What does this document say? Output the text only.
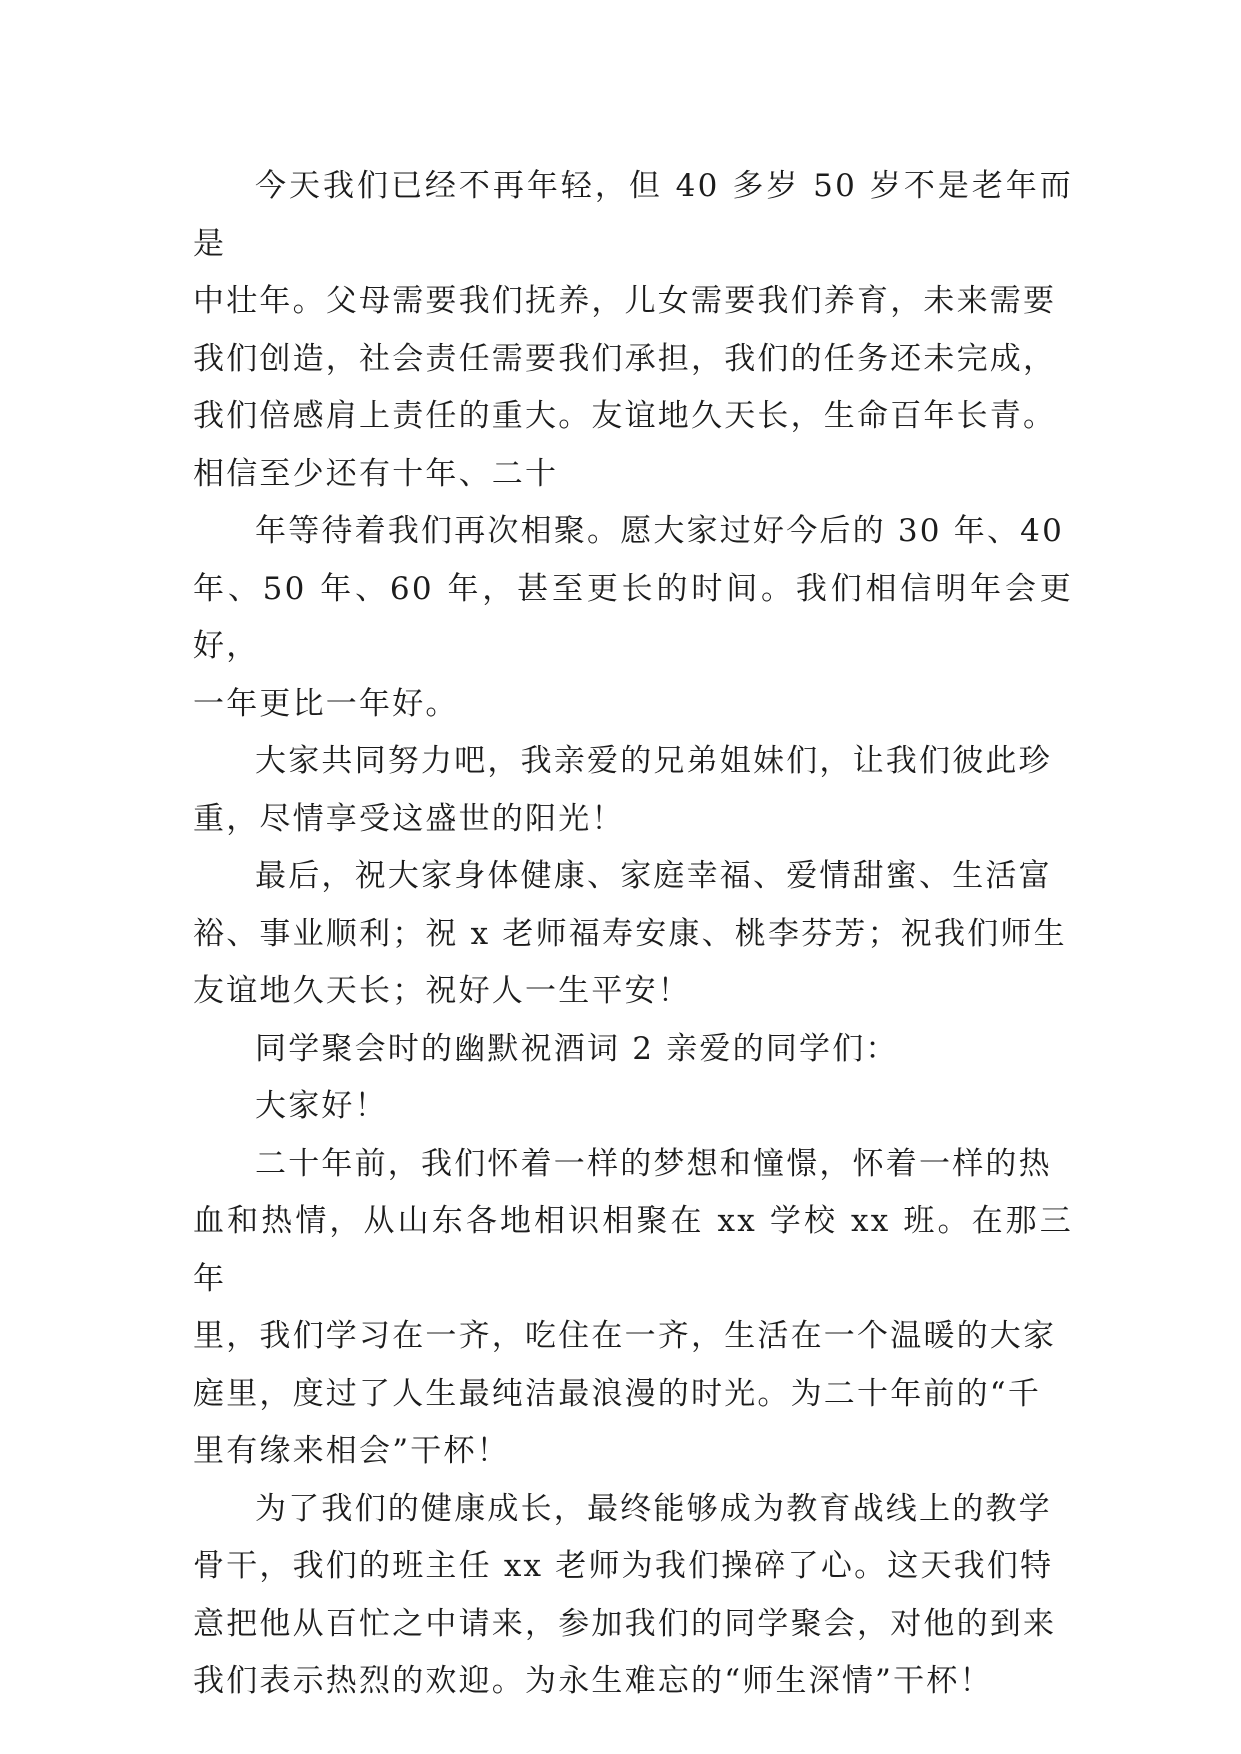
今天我们已经不再年轻，但 40 多岁 50 岁不是老年而是
中壮年。父母需要我们抚养，儿女需要我们养育，未来需要
我们创造，社会责任需要我们承担，我们的任务还未完成，
我们倍感肩上责任的重大。友谊地久天长，生命百年长青。
相信至少还有十年、二十

年等待着我们再次相聚。愿大家过好今后的 30 年、40
年、50 年、60 年，甚至更长的时间。我们相信明年会更好，
一年更比一年好。

大家共同努力吧，我亲爱的兄弟姐妹们，让我们彼此珍
重，尽情享受这盛世的阳光！

最后，祝大家身体健康、家庭幸福、爱情甜蜜、生活富
裕、事业顺利；祝 x 老师福寿安康、桃李芬芳；祝我们师生
友谊地久天长；祝好人一生平安！

同学聚会时的幽默祝酒词 2 亲爱的同学们：

大家好！

二十年前，我们怀着一样的梦想和憧憬，怀着一样的热
血和热情，从山东各地相识相聚在 xx 学校 xx 班。在那三年
里，我们学习在一齐，吃住在一齐，生活在一个温暖的大家
庭里，度过了人生最纯洁最浪漫的时光。为二十年前的“千
里有缘来相会”干杯！

为了我们的健康成长，最终能够成为教育战线上的教学
骨干，我们的班主任 xx 老师为我们操碎了心。这天我们特
意把他从百忙之中请来，参加我们的同学聚会，对他的到来
我们表示热烈的欢迎。为永生难忘的“师生深情”干杯！
